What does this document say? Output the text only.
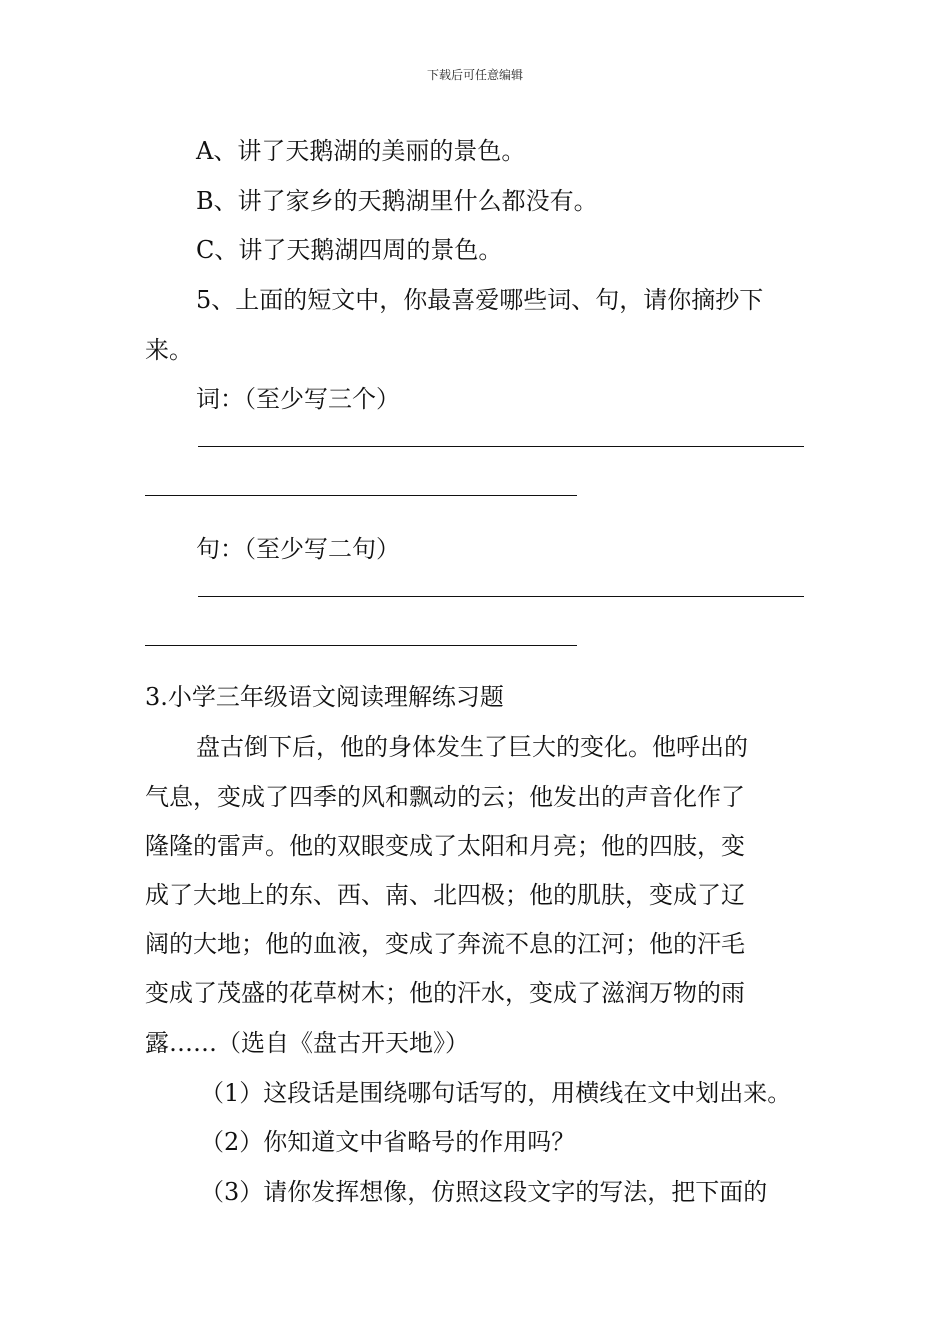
下载后可任意编辑
A、讲了天鹅湖的美丽的景色。
B、讲了家乡的天鹅湖里什么都没有。
C、讲了天鹅湖四周的景色。
5、上面的短文中，你最喜爱哪些词、句，请你摘抄下
来。
词：（至少写三个）
句：（至少写二句）
3.小学三年级语文阅读理解练习题
盘古倒下后，他的身体发生了巨大的变化。他呼出的
气息，变成了四季的风和飘动的云；他发出的声音化作了
隆隆的雷声。他的双眼变成了太阳和月亮；他的四肢，变
成了大地上的东、西、南、北四极；他的肌肤，变成了辽
阔的大地；他的血液，变成了奔流不息的江河；他的汗毛
变成了茂盛的花草树木；他的汗水，变成了滋润万物的雨
露……（选自《盘古开天地》）
（1）这段话是围绕哪句话写的，用横线在文中划出来。
（2）你知道文中省略号的作用吗？
（3）请你发挥想像，仿照这段文字的写法，把下面的
